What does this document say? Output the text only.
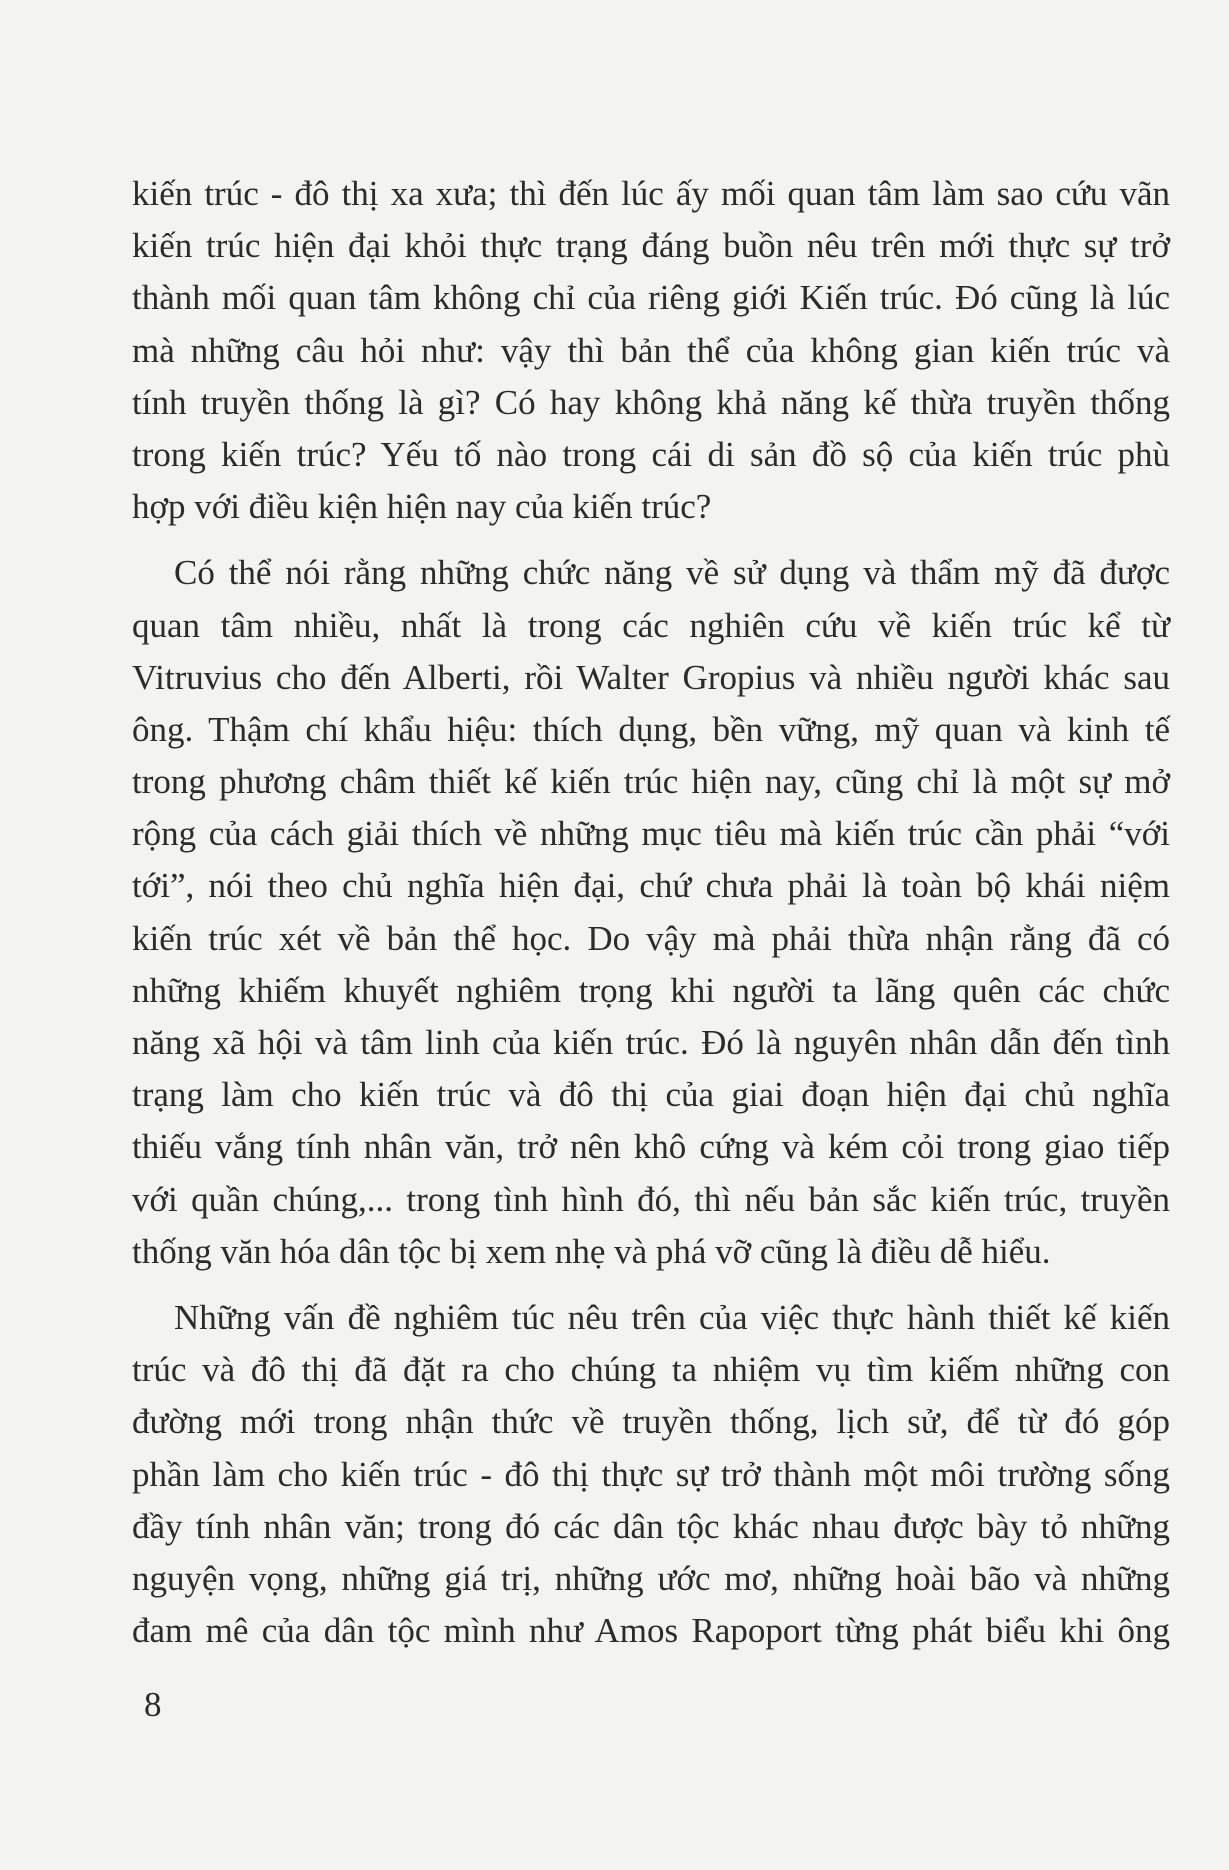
kiến trúc - đô thị xa xưa; thì đến lúc ấy mối quan tâm làm sao cứu vãn
kiến trúc hiện đại khỏi thực trạng đáng buồn nêu trên mới thực sự trở
thành mối quan tâm không chỉ của riêng giới Kiến trúc. Đó cũng là lúc
mà những câu hỏi như: vậy thì bản thể của không gian kiến trúc và
tính truyền thống là gì? Có hay không khả năng kế thừa truyền thống
trong kiến trúc? Yếu tố nào trong cái di sản đồ sộ của kiến trúc phù
hợp với điều kiện hiện nay của kiến trúc?
Có thể nói rằng những chức năng về sử dụng và thẩm mỹ đã được
quan tâm nhiều, nhất là trong các nghiên cứu về kiến trúc kể từ
Vitruvius cho đến Alberti, rồi Walter Gropius và nhiều người khác sau
ông. Thậm chí khẩu hiệu: thích dụng, bền vững, mỹ quan và kinh tế
trong phương châm thiết kế kiến trúc hiện nay, cũng chỉ là một sự mở
rộng của cách giải thích về những mục tiêu mà kiến trúc cần phải “với
tới”, nói theo chủ nghĩa hiện đại, chứ chưa phải là toàn bộ khái niệm
kiến trúc xét về bản thể học. Do vậy mà phải thừa nhận rằng đã có
những khiếm khuyết nghiêm trọng khi người ta lãng quên các chức
năng xã hội và tâm linh của kiến trúc. Đó là nguyên nhân dẫn đến tình
trạng làm cho kiến trúc và đô thị của giai đoạn hiện đại chủ nghĩa
thiếu vắng tính nhân văn, trở nên khô cứng và kém cỏi trong giao tiếp
với quần chúng,... trong tình hình đó, thì nếu bản sắc kiến trúc, truyền
thống văn hóa dân tộc bị xem nhẹ và phá vỡ cũng là điều dễ hiểu.
Những vấn đề nghiêm túc nêu trên của việc thực hành thiết kế kiến
trúc và đô thị đã đặt ra cho chúng ta nhiệm vụ tìm kiếm những con
đường mới trong nhận thức về truyền thống, lịch sử, để từ đó góp
phần làm cho kiến trúc - đô thị thực sự trở thành một môi trường sống
đầy tính nhân văn; trong đó các dân tộc khác nhau được bày tỏ những
nguyện vọng, những giá trị, những ước mơ, những hoài bão và những
đam mê của dân tộc mình như Amos Rapoport từng phát biểu khi ông
8
